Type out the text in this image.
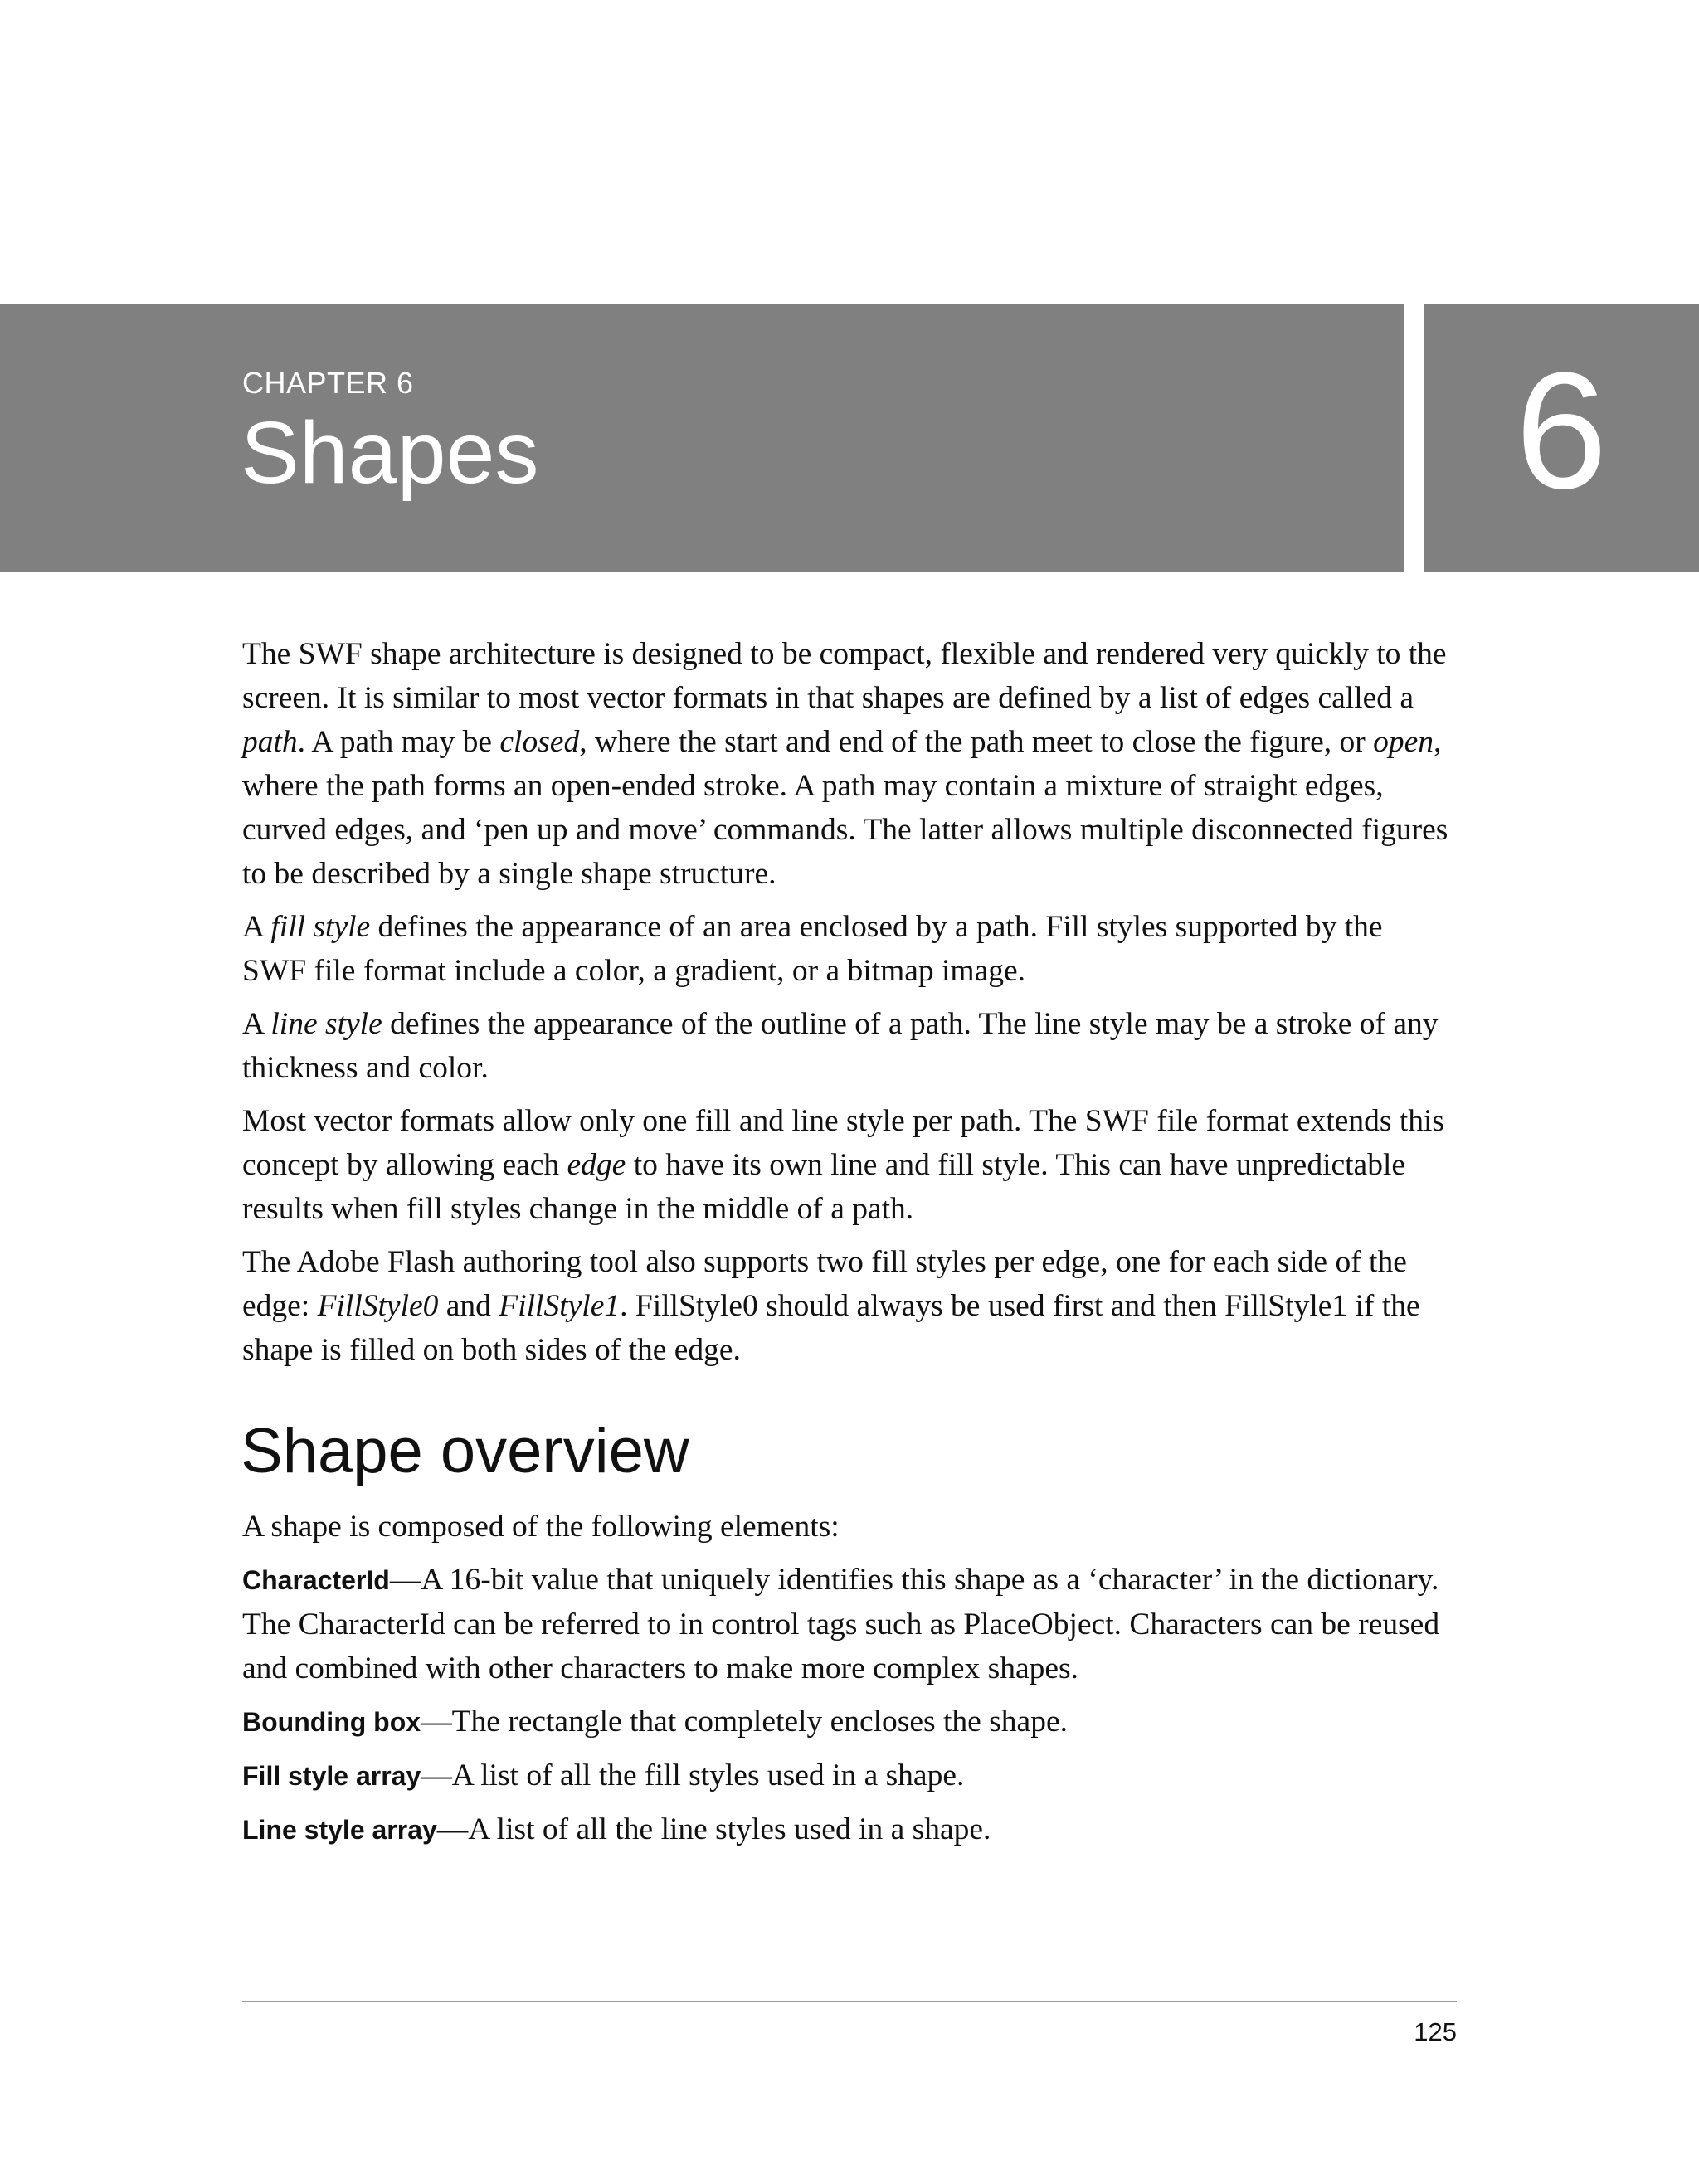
CHAPTER 6
Shapes	6

The SWF shape architecture is designed to be compact, flexible and rendered very quickly to the screen. It is similar to most vector formats in that shapes are defined by a list of edges called a path. A path may be closed, where the start and end of the path meet to close the figure, or open, where the path forms an open-ended stroke. A path may contain a mixture of straight edges, curved edges, and ‘pen up and move’ commands. The latter allows multiple disconnected figures to be described by a single shape structure.

A fill style defines the appearance of an area enclosed by a path. Fill styles supported by the SWF file format include a color, a gradient, or a bitmap image.

A line style defines the appearance of the outline of a path. The line style may be a stroke of any thickness and color.

Most vector formats allow only one fill and line style per path. The SWF file format extends this concept by allowing each edge to have its own line and fill style. This can have unpredictable results when fill styles change in the middle of a path.

The Adobe Flash authoring tool also supports two fill styles per edge, one for each side of the edge: FillStyle0 and FillStyle1. FillStyle0 should always be used first and then FillStyle1 if the shape is filled on both sides of the edge.

Shape overview

A shape is composed of the following elements:

CharacterId—A 16-bit value that uniquely identifies this shape as a ‘character’ in the dictionary. The CharacterId can be referred to in control tags such as PlaceObject. Characters can be reused and combined with other characters to make more complex shapes.

Bounding box—The rectangle that completely encloses the shape.

Fill style array—A list of all the fill styles used in a shape.

Line style array—A list of all the line styles used in a shape.

125
